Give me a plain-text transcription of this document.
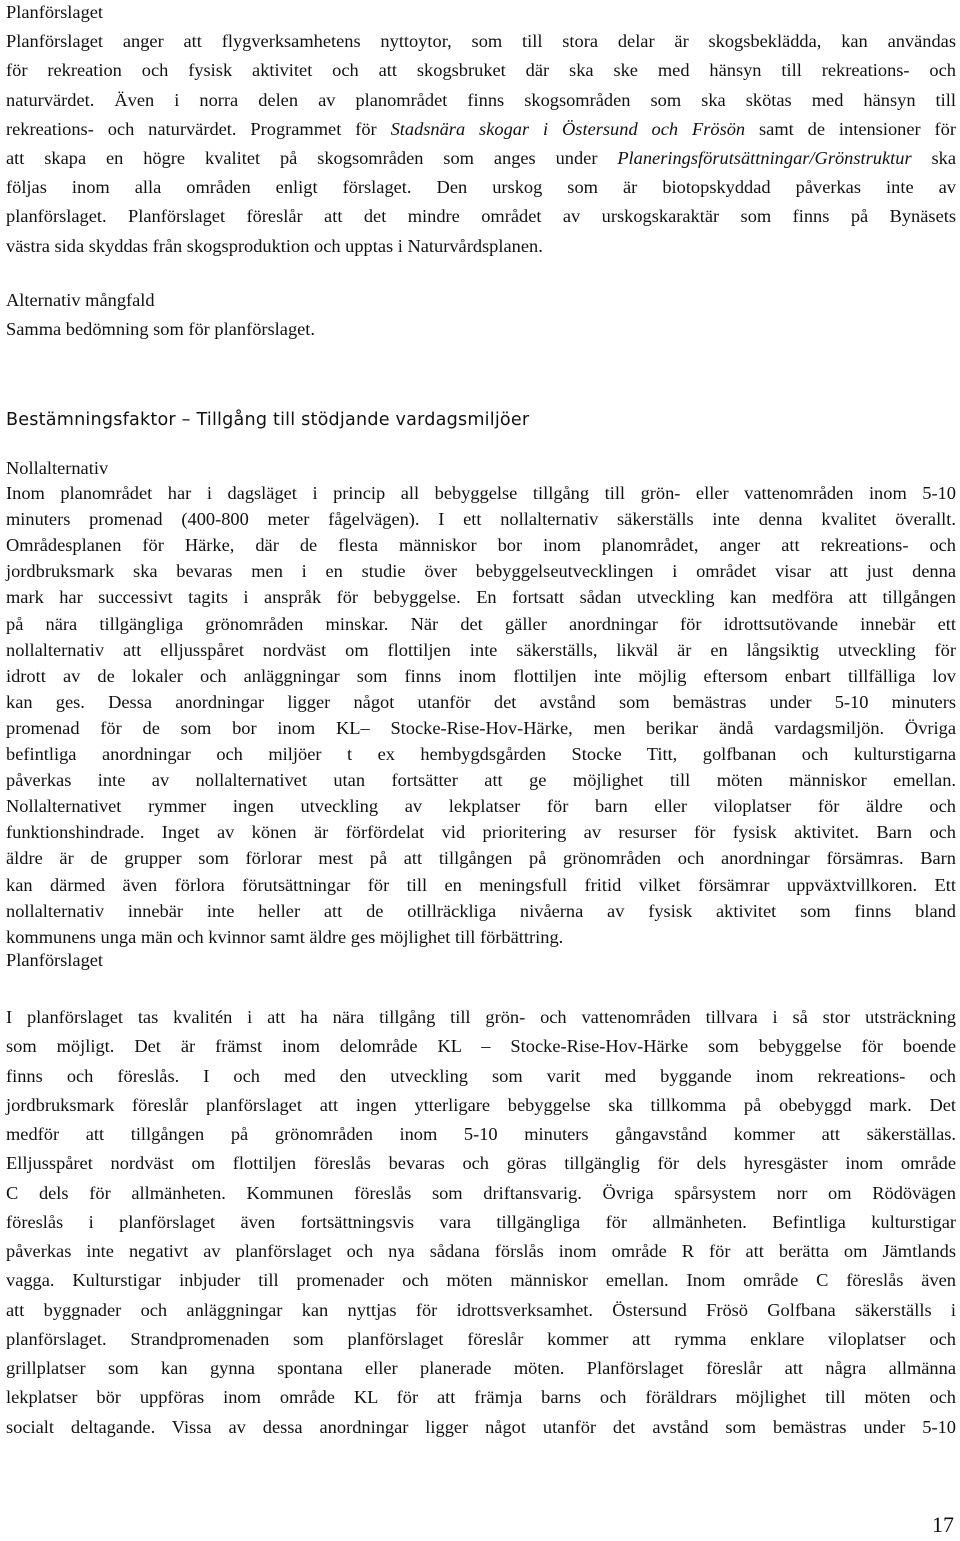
Planförslaget

Planförslaget anger att flygverksamhetens nyttoytor, som till stora delar är skogsbeklädda, kan användas

för rekreation och fysisk aktivitet och att skogsbruket där ska ske med hänsyn till rekreations- och

naturvärdet. Även i norra delen av planområdet finns skogsområden som ska skötas med hänsyn till

rekreations- och naturvärdet. Programmet för Stadsnära skogar i Östersund och Frösön samt de intensioner för

att skapa en högre kvalitet på skogsområden som anges under Planeringsförutsättningar/Grönstruktur ska

följas inom alla områden enligt förslaget. Den urskog som är biotopskyddad påverkas inte av

planförslaget. Planförslaget föreslår att det mindre området av urskogskaraktär som finns på Bynäsets

västra sida skyddas från skogsproduktion och upptas i Naturvårdsplanen.

Alternativ mångfald

Samma bedömning som för planförslaget.

Bestämningsfaktor – Tillgång till stödjande vardagsmiljöer

Nollalternativ

Inom planområdet har i dagsläget i princip all bebyggelse tillgång till grön- eller vattenområden inom 5-10

minuters promenad (400-800 meter fågelvägen). I ett nollalternativ säkerställs inte denna kvalitet överallt.

Områdesplanen för Härke, där de flesta människor bor inom planområdet, anger att rekreations- och

jordbruksmark ska bevaras men i en studie över bebyggelseutvecklingen i området visar att just denna

mark har successivt tagits i anspråk för bebyggelse. En fortsatt sådan utveckling kan medföra att tillgången

på nära tillgängliga grönområden minskar. När det gäller anordningar för idrottsutövande innebär ett

nollalternativ att elljusspåret nordväst om flottiljen inte säkerställs, likväl är en långsiktig utveckling för

idrott av de lokaler och anläggningar som finns inom flottiljen inte möjlig eftersom enbart tillfälliga lov

kan ges. Dessa anordningar ligger något utanför det avstånd som bemästras under 5-10 minuters

promenad för de som bor inom KL– Stocke-Rise-Hov-Härke, men berikar ändå vardagsmiljön. Övriga

befintliga anordningar och miljöer t ex hembygdsgården Stocke Titt, golfbanan och kulturstigarna

påverkas inte av nollalternativet utan fortsätter att ge möjlighet till möten människor emellan.

Nollalternativet rymmer ingen utveckling av lekplatser för barn eller viloplatser för äldre och

funktionshindrade. Inget av könen är förfördelat vid prioritering av resurser för fysisk aktivitet. Barn och

äldre är de grupper som förlorar mest på att tillgången på grönområden och anordningar försämras. Barn

kan därmed även förlora förutsättningar för till en meningsfull fritid vilket försämrar uppväxtvillkoren. Ett

nollalternativ innebär inte heller att de otillräckliga nivåerna av fysisk aktivitet som finns bland

kommunens unga män och kvinnor samt äldre ges möjlighet till förbättring.

Planförslaget

I planförslaget tas kvalitén i att ha nära tillgång till grön- och vattenområden tillvara i så stor utsträckning

som möjligt. Det är främst inom delområde KL – Stocke-Rise-Hov-Härke som bebyggelse för boende

finns och föreslås. I och med den utveckling som varit med byggande inom rekreations- och

jordbruksmark föreslår planförslaget att ingen ytterligare bebyggelse ska tillkomma på obebyggd mark. Det

medför att tillgången på grönområden inom 5-10 minuters gångavstånd kommer att säkerställas.

Elljusspåret nordväst om flottiljen föreslås bevaras och göras tillgänglig för dels hyresgäster inom område

C dels för allmänheten. Kommunen föreslås som driftansvarig. Övriga spårsystem norr om Rödövägen

föreslås i planförslaget även fortsättningsvis vara tillgängliga för allmänheten. Befintliga kulturstigar

påverkas inte negativt av planförslaget och nya sådana förslås inom område R för att berätta om Jämtlands

vagga. Kulturstigar inbjuder till promenader och möten människor emellan. Inom område C föreslås även

att byggnader och anläggningar kan nyttjas för idrottsverksamhet. Östersund Frösö Golfbana säkerställs i

planförslaget. Strandpromenaden som planförslaget föreslår kommer att rymma enklare viloplatser och

grillplatser som kan gynna spontana eller planerade möten. Planförslaget föreslår att några allmänna

lekplatser bör uppföras inom område KL för att främja barns och föräldrars möjlighet till möten och

socialt deltagande. Vissa av dessa anordningar ligger något utanför det avstånd som bemästras under 5-10

17
